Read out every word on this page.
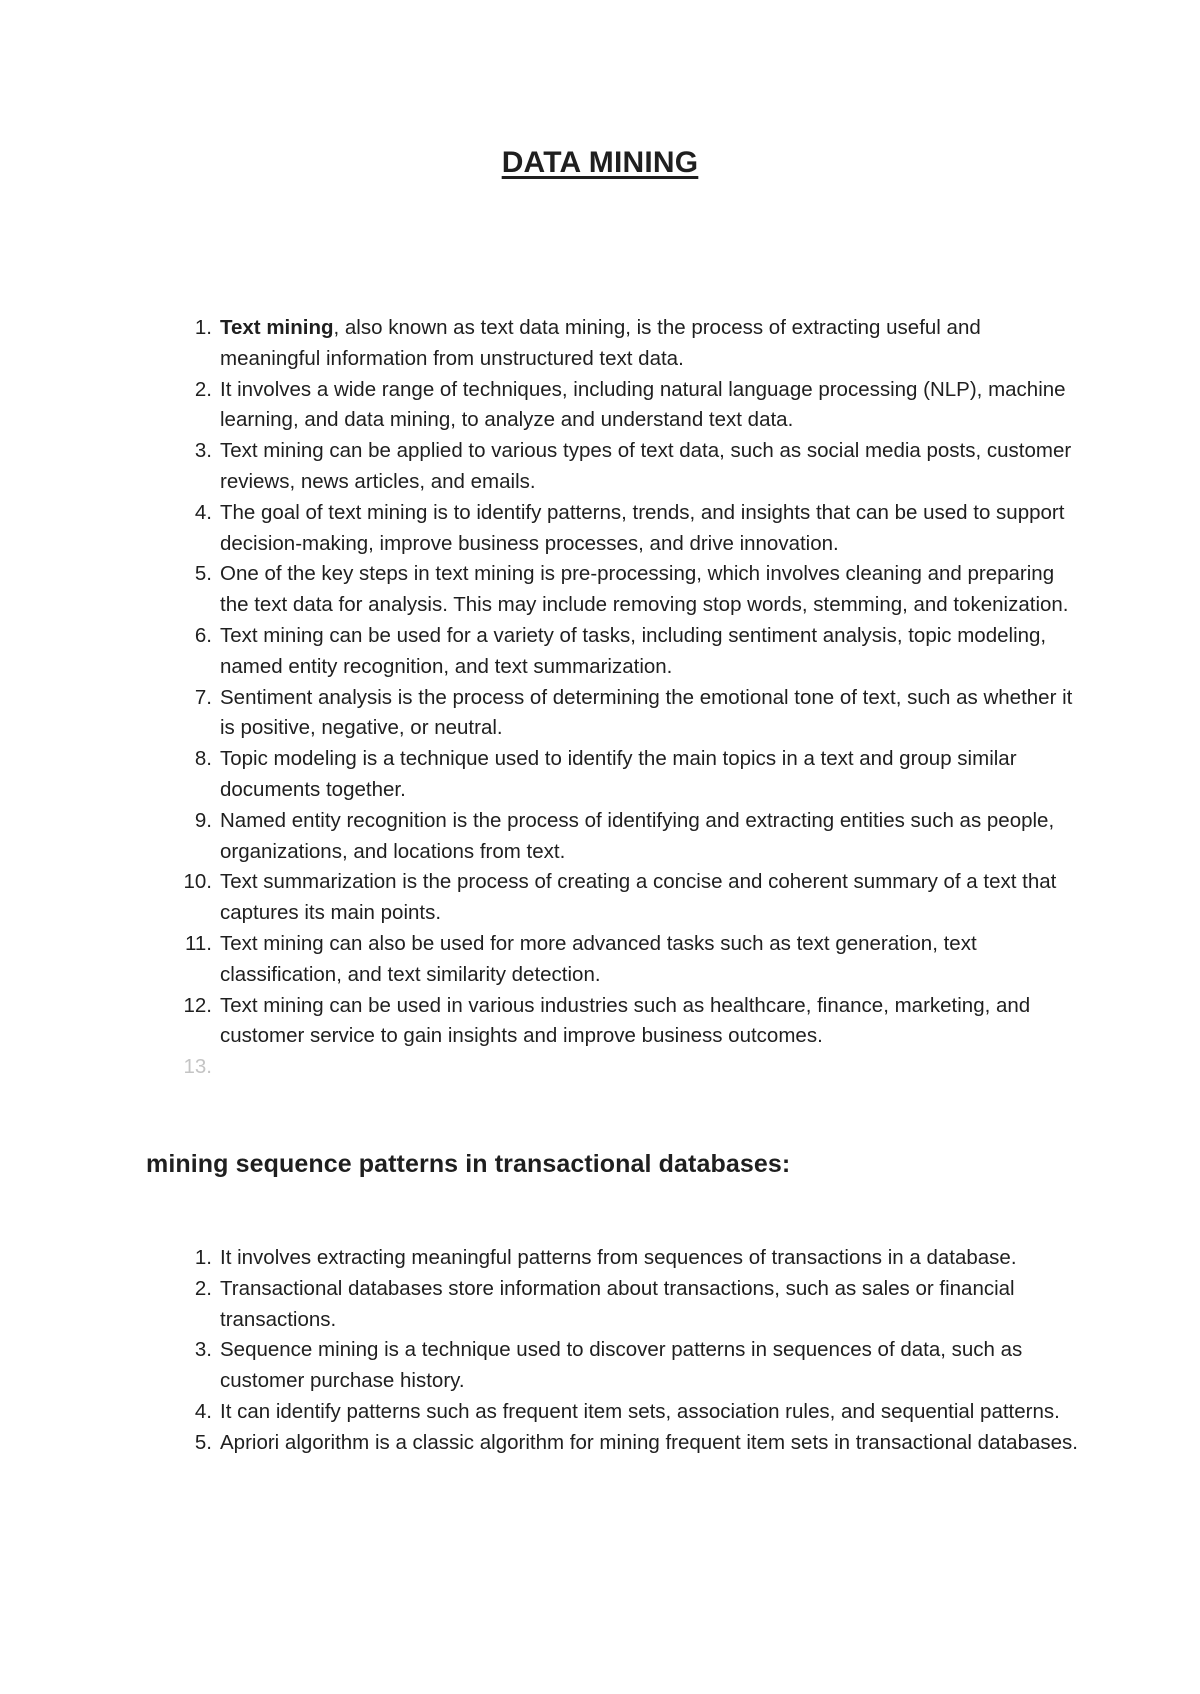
DATA MINING
1. Text mining, also known as text data mining, is the process of extracting useful and meaningful information from unstructured text data.
2. It involves a wide range of techniques, including natural language processing (NLP), machine learning, and data mining, to analyze and understand text data.
3. Text mining can be applied to various types of text data, such as social media posts, customer reviews, news articles, and emails.
4. The goal of text mining is to identify patterns, trends, and insights that can be used to support decision-making, improve business processes, and drive innovation.
5. One of the key steps in text mining is pre-processing, which involves cleaning and preparing the text data for analysis. This may include removing stop words, stemming, and tokenization.
6. Text mining can be used for a variety of tasks, including sentiment analysis, topic modeling, named entity recognition, and text summarization.
7. Sentiment analysis is the process of determining the emotional tone of text, such as whether it is positive, negative, or neutral.
8. Topic modeling is a technique used to identify the main topics in a text and group similar documents together.
9. Named entity recognition is the process of identifying and extracting entities such as people, organizations, and locations from text.
10. Text summarization is the process of creating a concise and coherent summary of a text that captures its main points.
11. Text mining can also be used for more advanced tasks such as text generation, text classification, and text similarity detection.
12. Text mining can be used in various industries such as healthcare, finance, marketing, and customer service to gain insights and improve business outcomes.
13.

mining sequence patterns in transactional databases:
1. It involves extracting meaningful patterns from sequences of transactions in a database.
2. Transactional databases store information about transactions, such as sales or financial transactions.
3. Sequence mining is a technique used to discover patterns in sequences of data, such as customer purchase history.
4. It can identify patterns such as frequent item sets, association rules, and sequential patterns.
5. Apriori algorithm is a classic algorithm for mining frequent item sets in transactional databases.
